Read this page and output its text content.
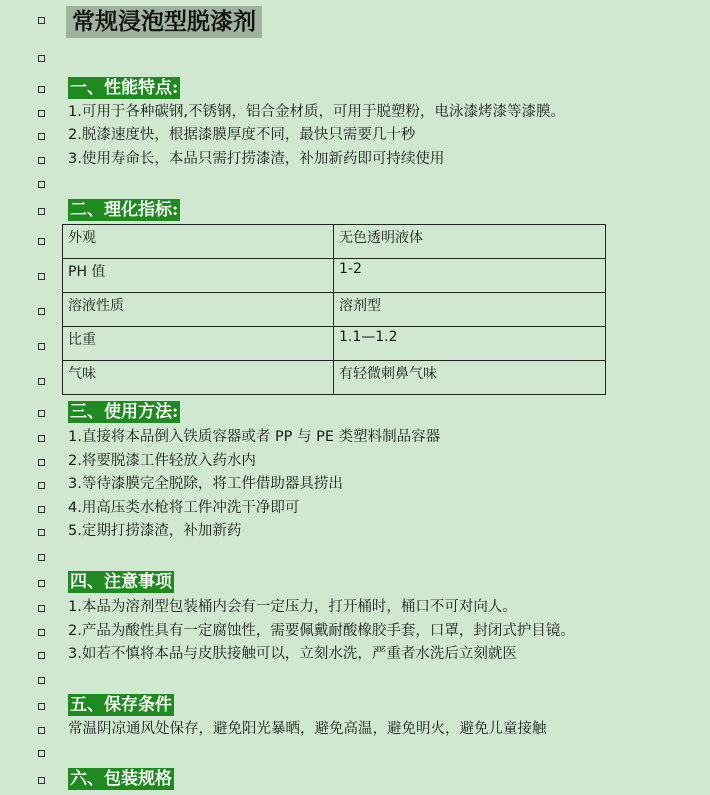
常规浸泡型脱漆剂
一、性能特点:
1.可用于各种碳钢,不锈钢，铝合金材质，可用于脱塑粉，电泳漆烤漆等漆膜。
2.脱漆速度快，根据漆膜厚度不同，最快只需要几十秒
3.使用寿命长，本品只需打捞漆渣，补加新药即可持续使用
二、理化指标:
外观	无色透明液体
PH 值	1-2
溶液性质	溶剂型
比重	1.1—1.2
气味	有轻微刺鼻气味
三、使用方法:
1.直接将本品倒入铁质容器或者 PP 与 PE 类塑料制品容器
2.将要脱漆工件轻放入药水内
3.等待漆膜完全脱除，将工件借助器具捞出
4.用高压类水枪将工件冲洗干净即可
5.定期打捞漆渣，补加新药
四、注意事项
1.本品为溶剂型包装桶内会有一定压力，打开桶时，桶口不可对向人。
2.产品为酸性具有一定腐蚀性，需要佩戴耐酸橡胶手套，口罩，封闭式护目镜。
3.如若不慎将本品与皮肤接触可以，立刻水洗，严重者水洗后立刻就医
五、保存条件
常温阴凉通风处保存，避免阳光暴晒，避免高温，避免明火，避免儿童接触
六、包装规格
